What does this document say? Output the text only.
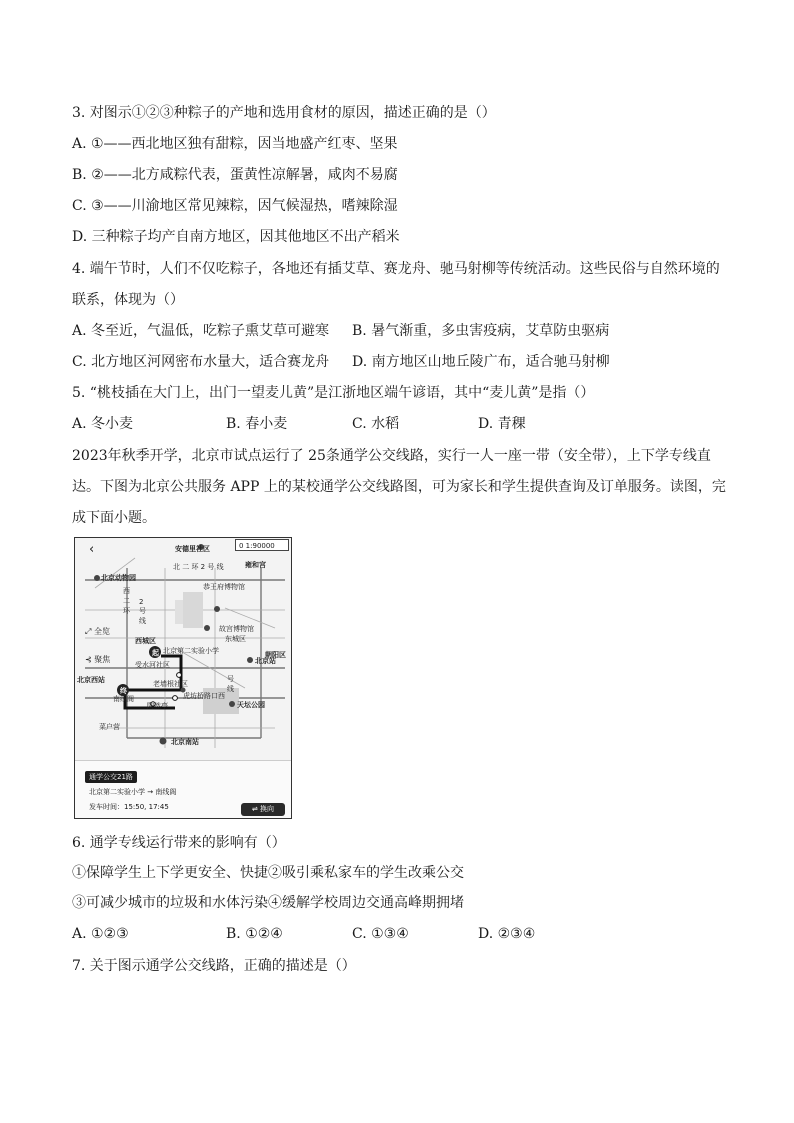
3. 对图示①②③种粽子的产地和选用食材的原因，描述正确的是（）
A. ①——西北地区独有甜粽，因当地盛产红枣、坚果
B. ②——北方咸粽代表，蛋黄性凉解暑，咸肉不易腐
C. ③——川渝地区常见辣粽，因气候湿热，嗜辣除湿
D. 三种粽子均产自南方地区，因其他地区不出产稻米
4. 端午节时，人们不仅吃粽子，各地还有插艾草、赛龙舟、驰马射柳等传统活动。这些民俗与自然环境的
联系，体现为（）
A. 冬至近，气温低，吃粽子熏艾草可避寒 B. 暑气渐重，多虫害疫病，艾草防虫驱病
C. 北方地区河网密布水量大，适合赛龙舟 D. 南方地区山地丘陵广布，适合驰马射柳
5. “桃枝插在大门上，出门一望麦儿黄”是江浙地区端午谚语，其中“麦儿黄”是指（）
A. 冬小麦	B. 春小麦	C. 水稻	D. 青稞
2023年秋季开学，北京市试点运行了 25条通学公交线路，实行一人一座一带（安全带），上下学专线直
达。下图为北京公共服务 APP 上的某校通学公交线路图，可为家长和学生提供查询及订单服务。读图，完
成下面小题。
‹	0 1:90000
安德里社区
雍和宫
北 二 环 2 号 线
北京动物园
恭王府博物馆
西二环
2号线
东城区
朝阳区
故宫博物馆
⤢ 全览
⊰ 聚焦
西城区
北京第二实验小学
受水河社区	北京站
北京西站
南线阁
老墙根社区
虎坊桥路口西
陶然亭	天坛公园
号线
菜户营
北京南站
起
终
通学公交21路
北京第二实验小学 → 南线阁
发车时间：15:50, 17:45	⇌ 换向
6. 通学专线运行带来的影响有（）
①保障学生上下学更安全、快捷②吸引乘私家车的学生改乘公交
③可减少城市的垃圾和水体污染④缓解学校周边交通高峰期拥堵
A. ①②③	B. ①②④	C. ①③④	D. ②③④
7. 关于图示通学公交线路，正确的描述是（）
